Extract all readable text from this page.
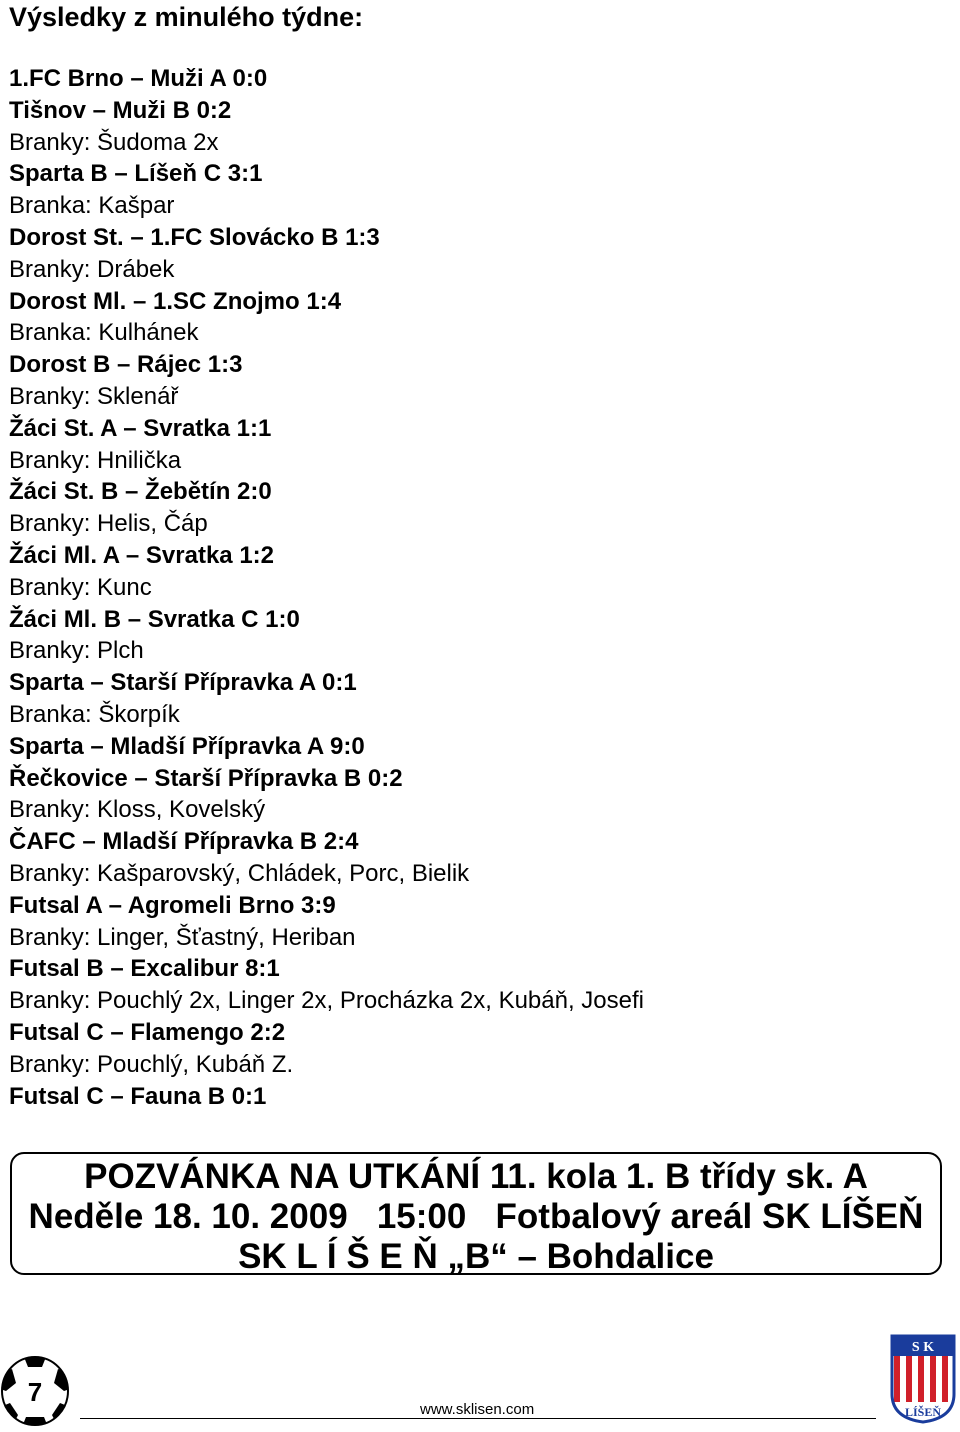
Výsledky z minulého týdne:
1.FC Brno – Muži A 0:0
Tišnov – Muži B 0:2
Branky: Šudoma 2x
Sparta B – Líšeň C 3:1
Branka: Kašpar
Dorost St. – 1.FC Slovácko B 1:3
Branky: Drábek
Dorost Ml. – 1.SC Znojmo 1:4
Branka: Kulhánek
Dorost B – Rájec 1:3
Branky: Sklenář
Žáci St. A – Svratka 1:1
Branky: Hnilička
Žáci St. B – Žebětín 2:0
Branky: Helis, Čáp
Žáci Ml. A – Svratka 1:2
Branky: Kunc
Žáci Ml. B – Svratka C 1:0
Branky: Plch
Sparta – Starší Přípravka A 0:1
Branka: Škorpík
Sparta – Mladší Přípravka A 9:0
Řečkovice – Starší Přípravka B 0:2
Branky: Kloss, Kovelský
ČAFC – Mladší Přípravka B 2:4
Branky: Kašparovský, Chládek, Porc, Bielik
Futsal A – Agromeli Brno 3:9
Branky: Linger, Šťastný, Heriban
Futsal B – Excalibur 8:1
Branky: Pouchlý 2x, Linger 2x, Procházka 2x, Kubáň, Josefi
Futsal C – Flamengo 2:2
Branky: Pouchlý, Kubáň Z.
Futsal C – Fauna B 0:1
POZVÁNKA NA UTKÁNÍ 11. kola 1. B třídy sk. A
Neděle 18. 10. 2009   15:00   Fotbalový areál SK LÍŠEŇ
SK L Í Š E Ň „B“ – Bohdalice
7
www.sklisen.com
S K
LÍŠEŇ
